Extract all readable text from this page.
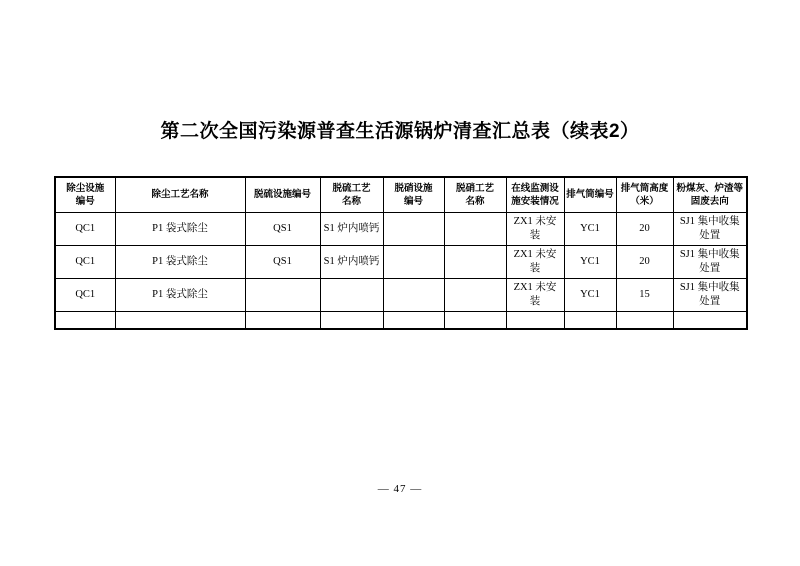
第二次全国污染源普查生活源锅炉清查汇总表（续表2）
除尘设施编号	除尘工艺名称	脱硫设施编号	脱硫工艺名称	脱硝设施编号	脱硝工艺名称	在线监测设施安装情况	排气筒编号	排气筒高度（米）	粉煤灰、炉渣等固废去向
QC1	P1 袋式除尘	QS1	S1 炉内喷钙			ZX1 未安装	YC1	20	SJ1 集中收集处置
QC1	P1 袋式除尘	QS1	S1 炉内喷钙			ZX1 未安装	YC1	20	SJ1 集中收集处置
QC1	P1 袋式除尘					ZX1 未安装	YC1	15	SJ1 集中收集处置

— 47 —
